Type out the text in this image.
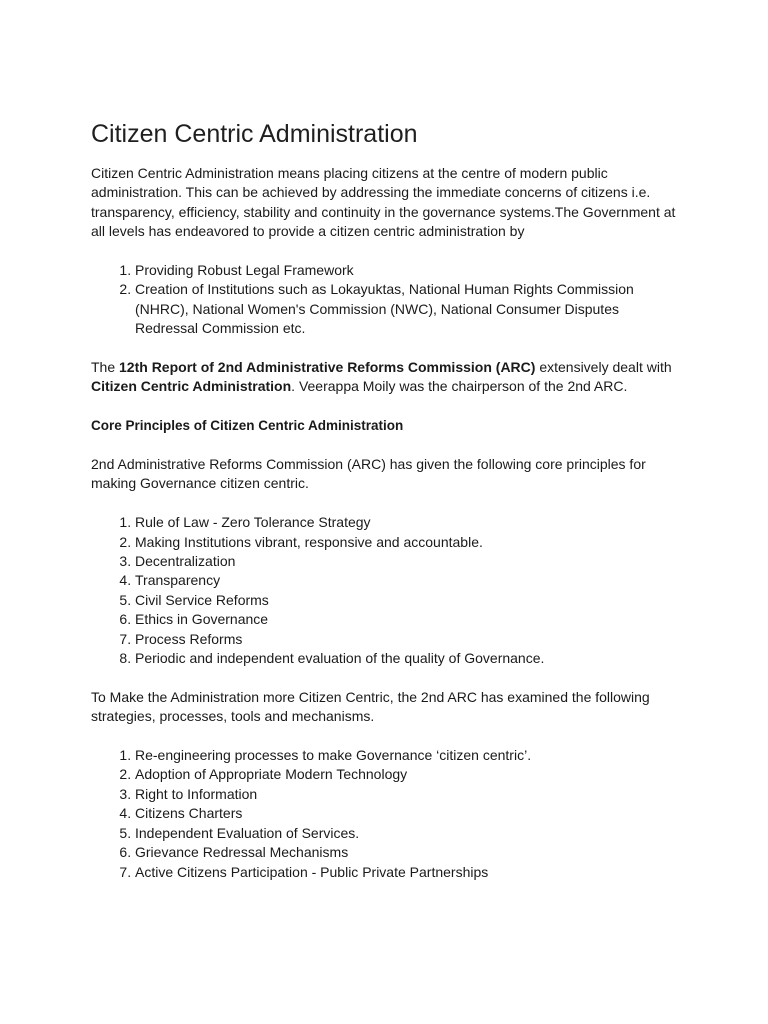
Citizen Centric Administration

Citizen Centric Administration means placing citizens at the centre of modern public administration. This can be achieved by addressing the immediate concerns of citizens i.e. transparency, efficiency, stability and continuity in the governance systems.The Government at all levels has endeavored to provide a citizen centric administration by

1. Providing Robust Legal Framework
2. Creation of Institutions such as Lokayuktas, National Human Rights Commission (NHRC), National Women's Commission (NWC), National Consumer Disputes Redressal Commission etc.

The 12th Report of 2nd Administrative Reforms Commission (ARC) extensively dealt with Citizen Centric Administration. Veerappa Moily was the chairperson of the 2nd ARC.

Core Principles of Citizen Centric Administration

2nd Administrative Reforms Commission (ARC) has given the following core principles for making Governance citizen centric.

1. Rule of Law - Zero Tolerance Strategy
2. Making Institutions vibrant, responsive and accountable.
3. Decentralization
4. Transparency
5. Civil Service Reforms
6. Ethics in Governance
7. Process Reforms
8. Periodic and independent evaluation of the quality of Governance.

To Make the Administration more Citizen Centric, the 2nd ARC has examined the following strategies, processes, tools and mechanisms.

1. Re-engineering processes to make Governance ‘citizen centric’.
2. Adoption of Appropriate Modern Technology
3. Right to Information
4. Citizens Charters
5. Independent Evaluation of Services.
6. Grievance Redressal Mechanisms
7. Active Citizens Participation - Public Private Partnerships
